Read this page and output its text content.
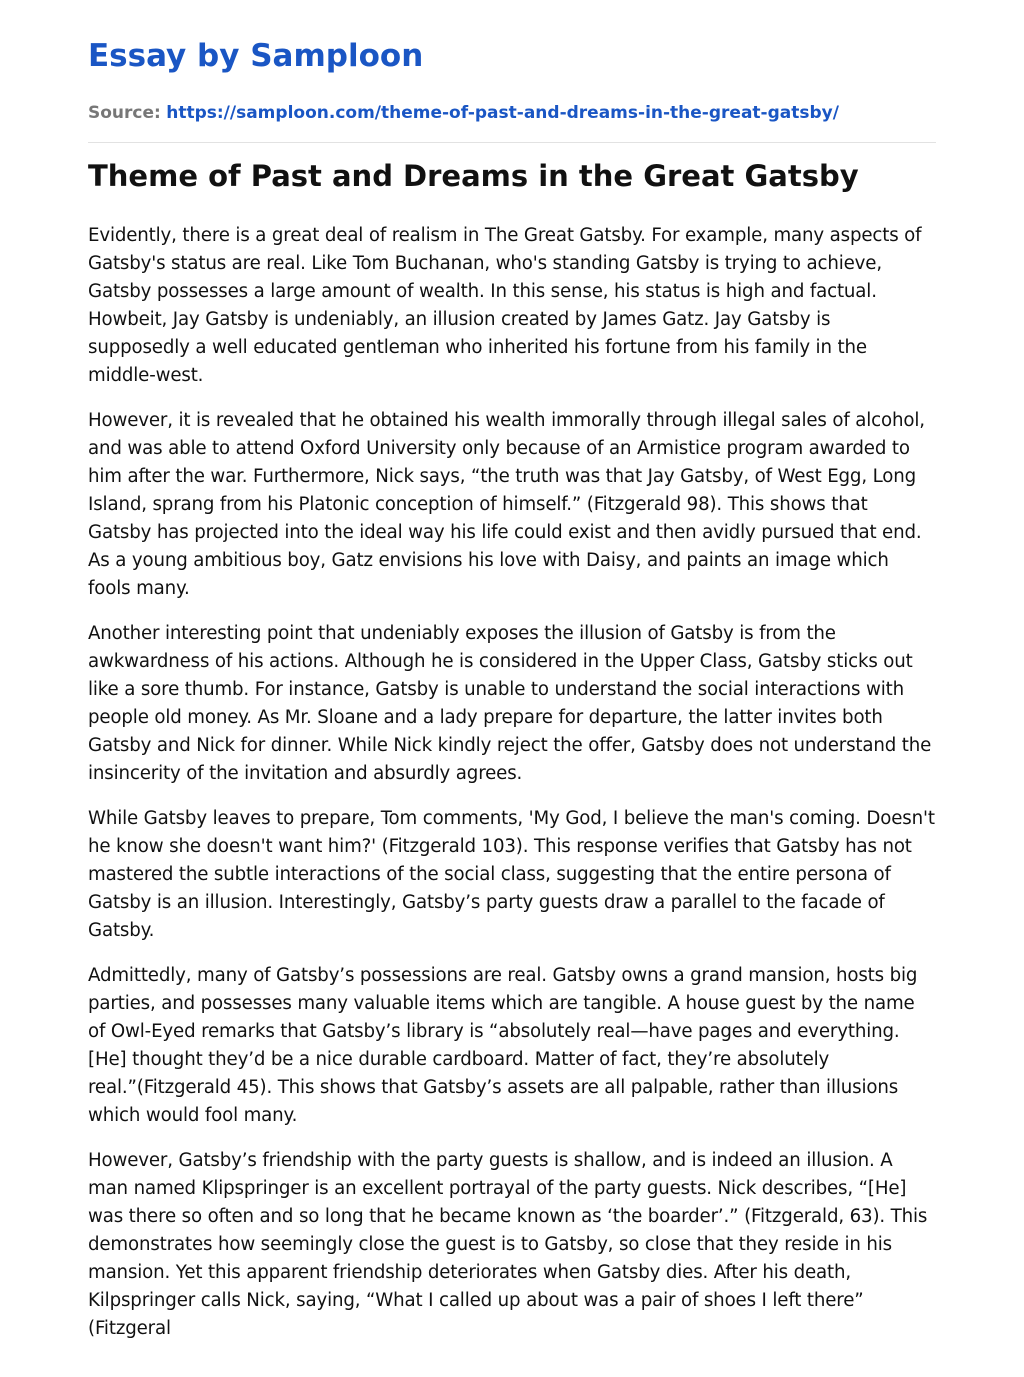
Essay by Samploon
Source: https://samploon.com/theme-of-past-and-dreams-in-the-great-gatsby/
Theme of Past and Dreams in the Great Gatsby

Evidently, there is a great deal of realism in The Great Gatsby. For example, many aspects of Gatsby's status are real. Like Tom Buchanan, who's standing Gatsby is trying to achieve, Gatsby possesses a large amount of wealth. In this sense, his status is high and factual. Howbeit, Jay Gatsby is undeniably, an illusion created by James Gatz. Jay Gatsby is supposedly a well educated gentleman who inherited his fortune from his family in the middle-west.

However, it is revealed that he obtained his wealth immorally through illegal sales of alcohol, and was able to attend Oxford University only because of an Armistice program awarded to him after the war. Furthermore, Nick says, “the truth was that Jay Gatsby, of West Egg, Long Island, sprang from his Platonic conception of himself.” (Fitzgerald 98). This shows that Gatsby has projected into the ideal way his life could exist and then avidly pursued that end. As a young ambitious boy, Gatz envisions his love with Daisy, and paints an image which fools many.

Another interesting point that undeniably exposes the illusion of Gatsby is from the awkwardness of his actions. Although he is considered in the Upper Class, Gatsby sticks out like a sore thumb. For instance, Gatsby is unable to understand the social interactions with people old money. As Mr. Sloane and a lady prepare for departure, the latter invites both Gatsby and Nick for dinner. While Nick kindly reject the offer, Gatsby does not understand the insincerity of the invitation and absurdly agrees.

While Gatsby leaves to prepare, Tom comments, 'My God, I believe the man's coming. Doesn't he know she doesn't want him?' (Fitzgerald 103). This response verifies that Gatsby has not mastered the subtle interactions of the social class, suggesting that the entire persona of Gatsby is an illusion. Interestingly, Gatsby’s party guests draw a parallel to the facade of Gatsby.

Admittedly, many of Gatsby’s possessions are real. Gatsby owns a grand mansion, hosts big parties, and possesses many valuable items which are tangible. A house guest by the name of Owl-Eyed remarks that Gatsby’s library is “absolutely real—have pages and everything. [He] thought they’d be a nice durable cardboard. Matter of fact, they’re absolutely real.”(Fitzgerald 45). This shows that Gatsby’s assets are all palpable, rather than illusions which would fool many.

However, Gatsby’s friendship with the party guests is shallow, and is indeed an illusion. A man named Klipspringer is an excellent portrayal of the party guests. Nick describes, “[He] was there so often and so long that he became known as ‘the boarder’.” (Fitzgerald, 63). This demonstrates how seemingly close the guest is to Gatsby, so close that they reside in his mansion. Yet this apparent friendship deteriorates when Gatsby dies. After his death, Kilpspringer calls Nick, saying, “What I called up about was a pair of shoes I left there” (Fitzgeral
